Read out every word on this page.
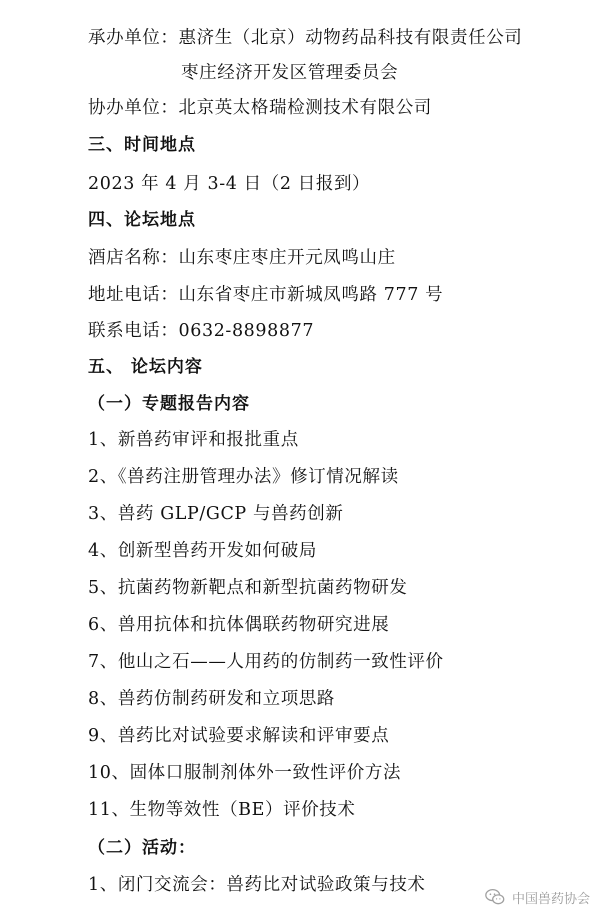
承办单位：惠济生（北京）动物药品科技有限责任公司
枣庄经济开发区管理委员会
协办单位：北京英太格瑞检测技术有限公司
三、时间地点
2023 年 4 月 3-4 日（2 日报到）
四、论坛地点
酒店名称：山东枣庄枣庄开元凤鸣山庄
地址电话：山东省枣庄市新城凤鸣路 777 号
联系电话：0632-8898877
五、 论坛内容
（一）专题报告内容
1、新兽药审评和报批重点
2、《兽药注册管理办法》修订情况解读
3、兽药 GLP/GCP 与兽药创新
4、创新型兽药开发如何破局
5、抗菌药物新靶点和新型抗菌药物研发
6、兽用抗体和抗体偶联药物研究进展
7、他山之石——人用药的仿制药一致性评价
8、兽药仿制药研发和立项思路
9、兽药比对试验要求解读和评审要点
10、固体口服制剂体外一致性评价方法
11、生物等效性（BE）评价技术
（二）活动：
1、闭门交流会：兽药比对试验政策与技术
中国兽药协会
